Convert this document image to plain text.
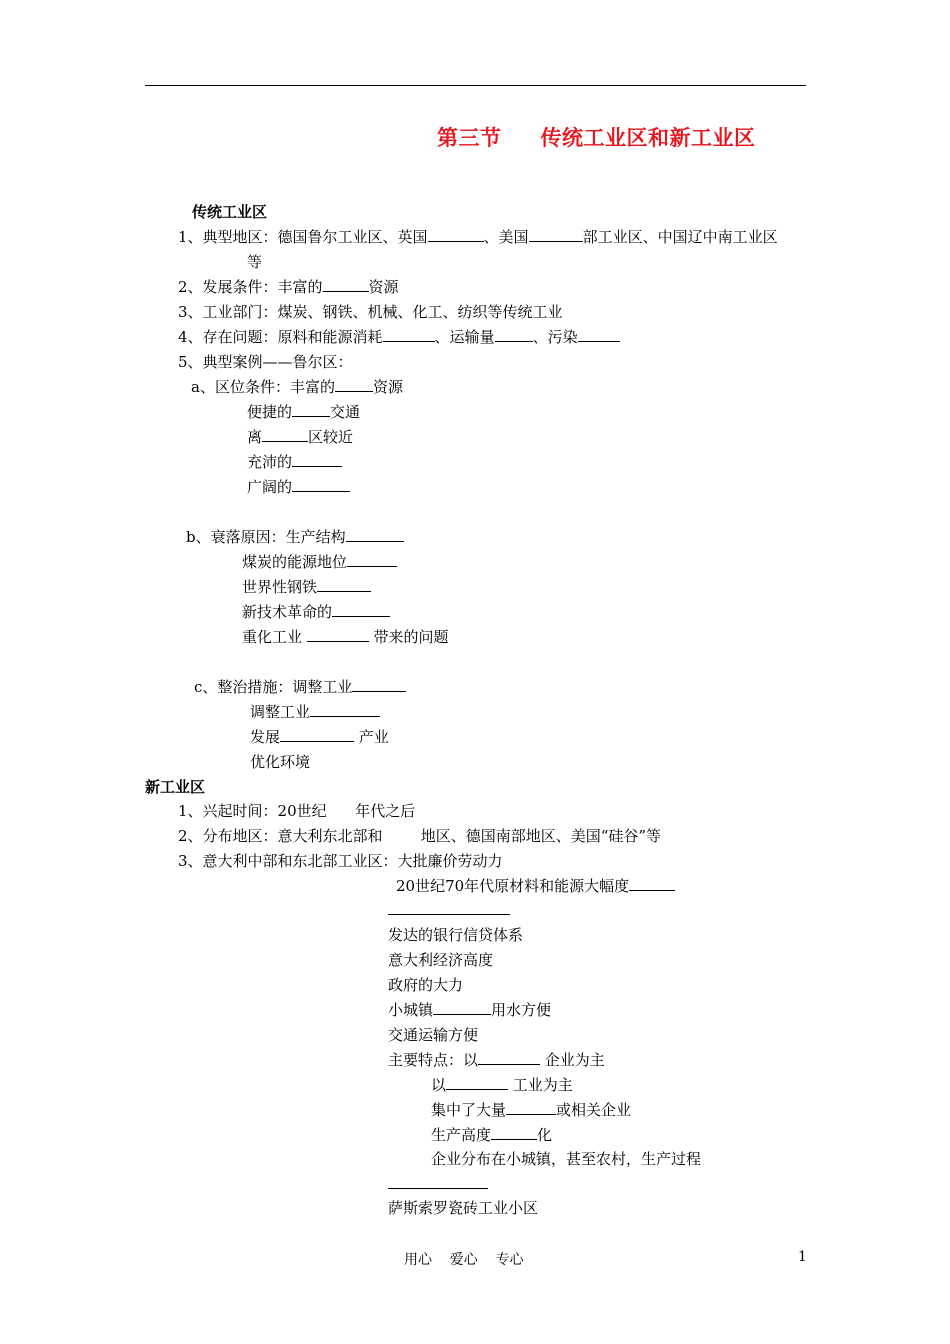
第三节     传统工业区和新工业区
传统工业区
1、典型地区：德国鲁尔工业区、英国	、美国	部工业区、中国辽中南工业区
等
2、发展条件：丰富的	资源
3、工业部门：煤炭、钢铁、机械、化工、纺织等传统工业
4、存在问题：原料和能源消耗	、运输量	、污染
5、典型案例——鲁尔区：
a、区位条件：丰富的	资源
便捷的	交通
离	区较近
充沛的
广阔的
b、衰落原因：生产结构
煤炭的能源地位
世界性钢铁
新技术革命的
重化工业	带来的问题
c、整治措施：调整工业
调整工业
发展	产业
优化环境
新工业区
1、兴起时间：20世纪      年代之后
2、分布地区：意大利东北部和        地区、德国南部地区、美国“硅谷”等
3、意大利中部和东北部工业区：大批廉价劳动力
20世纪70年代原材料和能源大幅度
发达的银行信贷体系
意大利经济高度
政府的大力
小城镇	用水方便
交通运输方便
主要特点：以	企业为主
以	工业为主
集中了大量	或相关企业
生产高度	化
企业分布在小城镇，甚至农村，生产过程
萨斯索罗瓷砖工业小区
用心    爱心    专心	1
